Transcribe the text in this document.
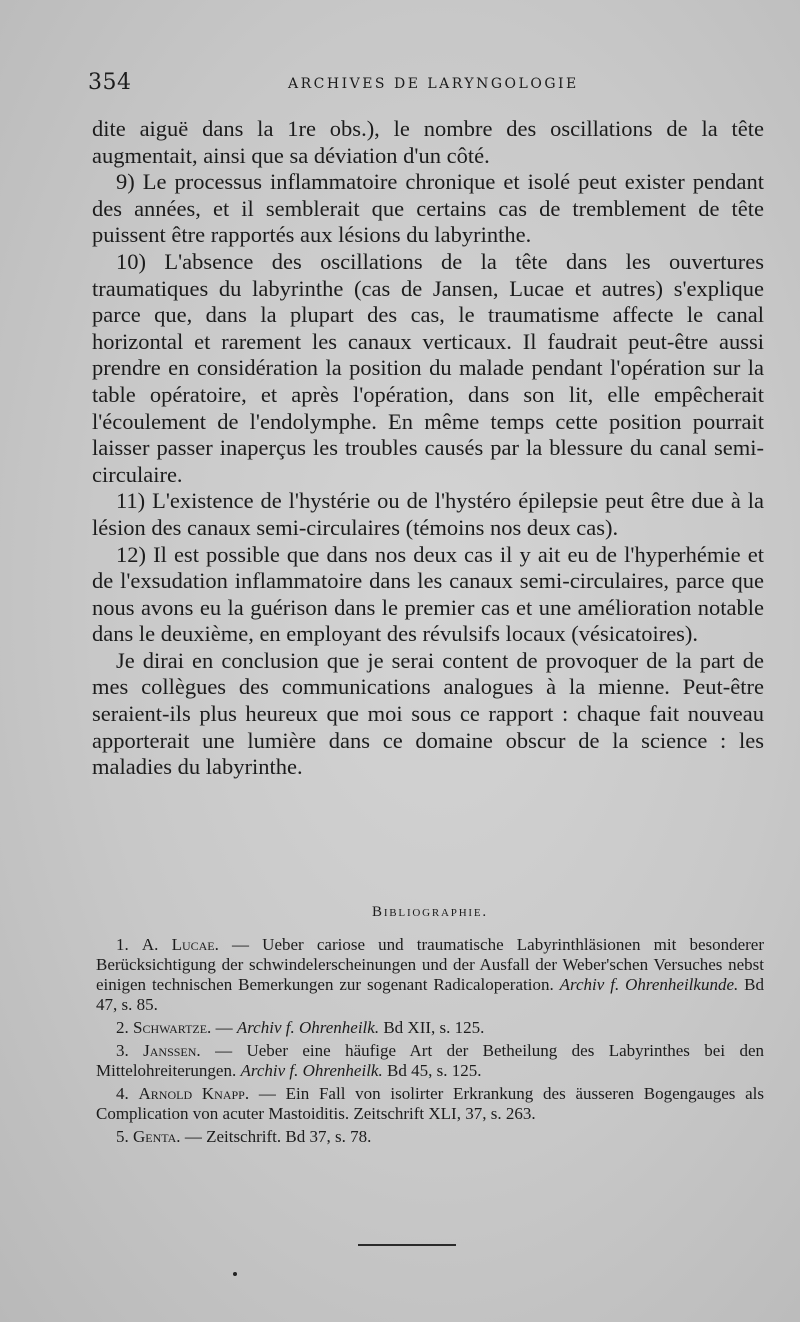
354	ARCHIVES DE LARYNGOLOGIE

dite aiguë dans la 1re obs.), le nombre des oscillations de la tête augmentait, ainsi que sa déviation d'un côté.

9) Le processus inflammatoire chronique et isolé peut exister pendant des années, et il semblerait que certains cas de tremblement de tête puissent être rapportés aux lésions du labyrinthe.

10) L'absence des oscillations de la tête dans les ouvertures traumatiques du labyrinthe (cas de Jansen, Lucae et autres) s'explique parce que, dans la plupart des cas, le traumatisme affecte le canal horizontal et rarement les canaux verticaux. Il faudrait peut-être aussi prendre en considération la position du malade pendant l'opération sur la table opératoire, et après l'opération, dans son lit, elle empêcherait l'écoulement de l'endolymphe. En même temps cette position pourrait laisser passer inaperçus les troubles causés par la blessure du canal semi-circulaire.

11) L'existence de l'hystérie ou de l'hystéro épilepsie peut être due à la lésion des canaux semi-circulaires (témoins nos deux cas).

12) Il est possible que dans nos deux cas il y ait eu de l'hyperhémie et de l'exsudation inflammatoire dans les canaux semi-circulaires, parce que nous avons eu la guérison dans le premier cas et une amélioration notable dans le deuxième, en employant des révulsifs locaux (vésicatoires).

Je dirai en conclusion que je serai content de provoquer de la part de mes collègues des communications analogues à la mienne. Peut-être seraient-ils plus heureux que moi sous ce rapport : chaque fait nouveau apporterait une lumière dans ce domaine obscur de la science : les maladies du labyrinthe.

Bibliographie.

1. A. Lucae. — Ueber cariose und traumatische Labyrinthläsionen mit besonderer Berücksichtigung der schwindelerscheinungen und der Ausfall der Weber'schen Versuches nebst einigen technischen Bemerkungen zur sogenant Radicaloperation. Archiv f. Ohrenheilkunde. Bd 47, s. 85.

2. Schwartze. — Archiv f. Ohrenheilk. Bd XII, s. 125.

3. Janssen. — Ueber eine häufige Art der Betheilung des Labyrinthes bei den Mittelohreiterungen. Archiv f. Ohrenheilk. Bd 45, s. 125.

4. Arnold Knapp. — Ein Fall von isolirter Erkrankung des äusseren Bogengauges als Complication von acuter Mastoiditis. Zeitschrift XLI, 37, s. 263.

5. Genta. — Zeitschrift. Bd 37, s. 78.
